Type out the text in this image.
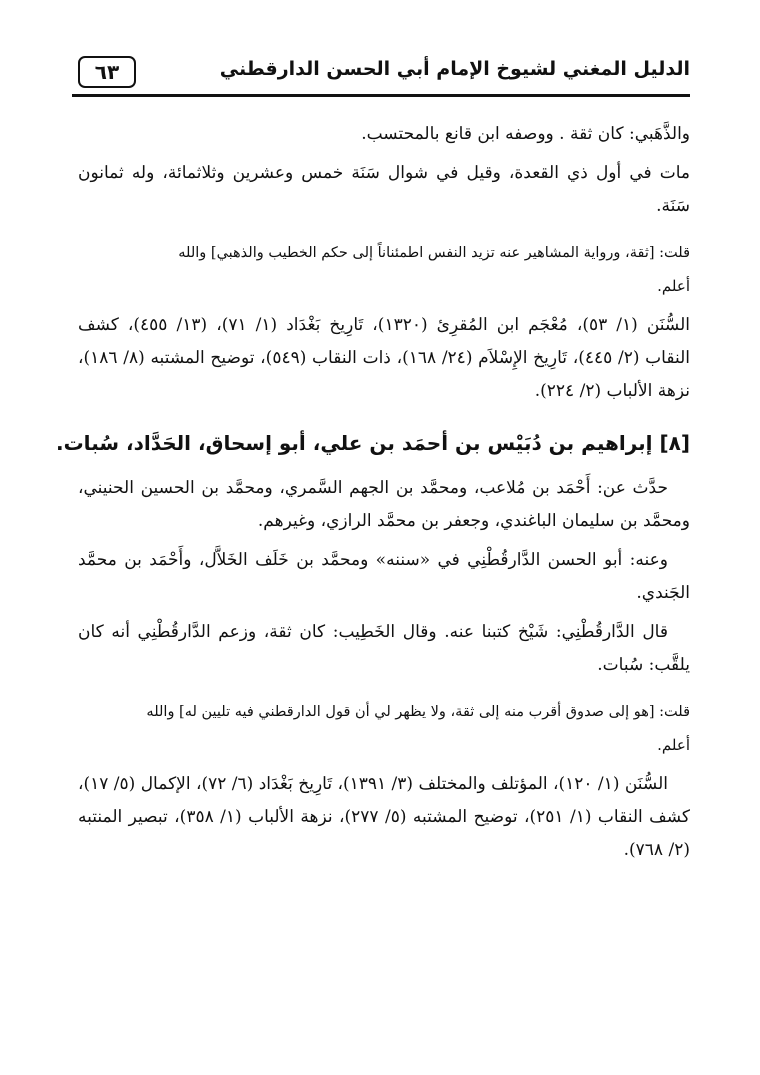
الدليل المغني لشيوخ الإمام أبي الحسن الدارقطني
٦٣

والذَّهَبي: كان ثقة . ووصفه ابن قانع بالمحتسب.

مات في أول ذي القعدة، وقيل في شوال سَنَة خمس وعشرين وثلاثمائة، وله ثمانون سَنَة.

قلت: [ثقة، ورواية المشاهير عنه تزيد النفس اطمئناناً إلى حكم الخطيب والذهبي] والله

أعلم.

السُّنَن (١/ ٥٣)، مُعْجَم ابن المُقرِئ (١٣٢٠)، تَارِيخ بَغْدَاد (١/ ٧١)، (١٣/ ٤٥٥)، كشف النقاب (٢/ ٤٤٥)، تَارِيخ الإِسْلاَم (٢٤/ ١٦٨)، ذات النقاب (٥٤٩)، توضيح المشتبه (٨/ ١٨٦)، نزهة الألباب (٢/ ٢٢٤).

[٨] إبراهيم بن دُبَيْس بن أحمَد بن علي، أبو إسحاق، الحَدَّاد، سُبات.

حدَّث عن: أَحْمَد بن مُلاعب، ومحمَّد بن الجهم السَّمري، ومحمَّد بن الحسين الحنيني، ومحمَّد بن سليمان الباغندي، وجعفر بن محمَّد الرازي، وغيرهم.

وعنه: أبو الحسن الدَّارقُطْنِي في «سننه» ومحمَّد بن خَلَف الخَلاَّل، وأَحْمَد بن محمَّد الجَندي.

قال الدَّارقُطْنِي: شَيْخ كتبنا عنه. وقال الخَطِيب: كان ثقة، وزعم الدَّارقُطْنِي أنه كان يلقَّب: سُبات.

قلت: [هو إلى صدوق أقرب منه إلى ثقة، ولا يظهر لي أن قول الدارقطني فيه تليين له] والله

أعلم.

السُّنَن (١/ ١٢٠)، المؤتلف والمختلف (٣/ ١٣٩١)، تَارِيخ بَغْدَاد (٦/ ٧٢)، الإكمال (٥/ ١٧)، كشف النقاب (١/ ٢٥١)، توضيح المشتبه (٥/ ٢٧٧)، نزهة الألباب (١/ ٣٥٨)، تبصير المنتبه (٢/ ٧٦٨).
